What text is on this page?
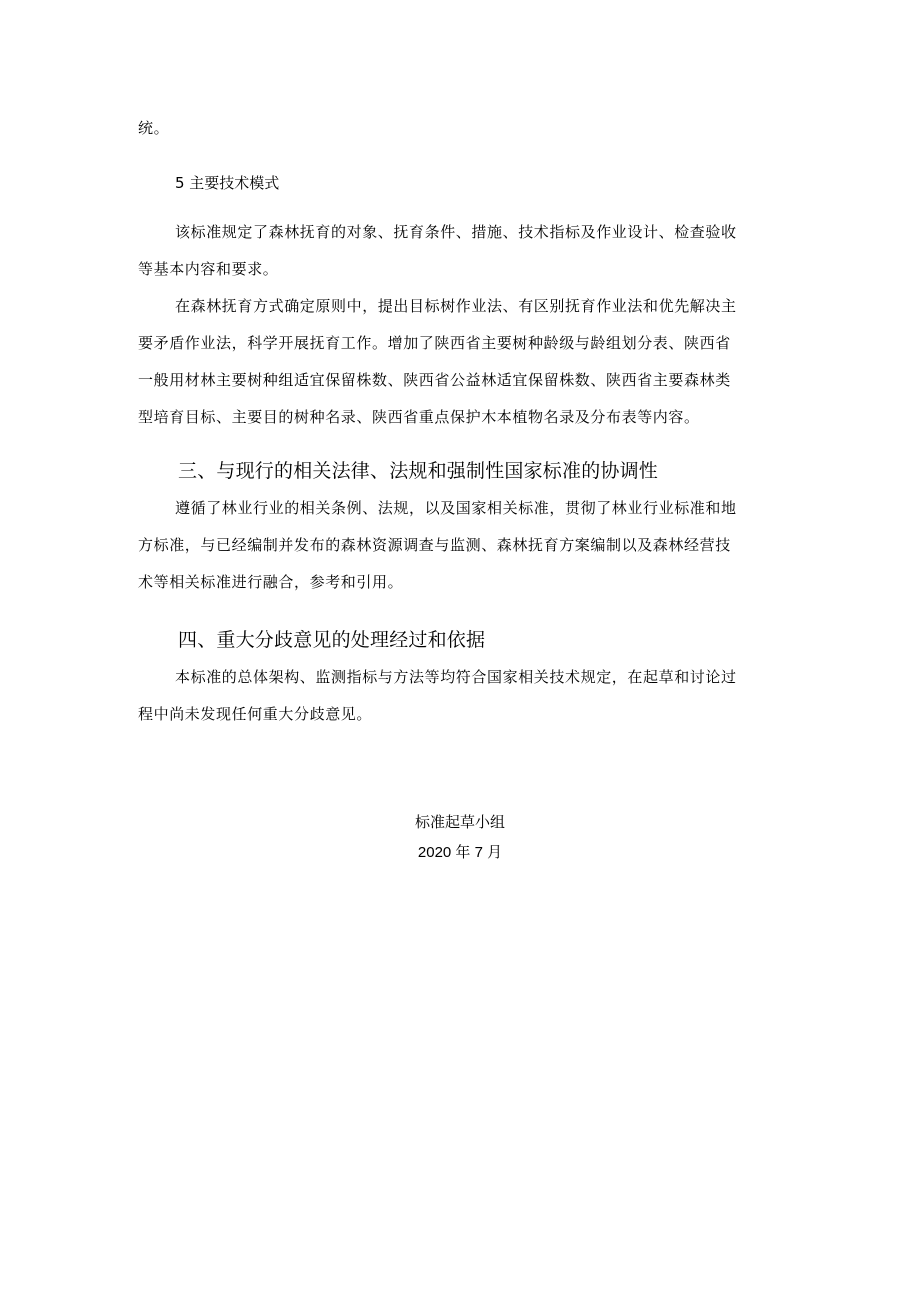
统。
5 主要技术模式
该标准规定了森林抚育的对象、抚育条件、措施、技术指标及作业设计、检查验收
等基本内容和要求。
在森林抚育方式确定原则中，提出目标树作业法、有区别抚育作业法和优先解决主
要矛盾作业法，科学开展抚育工作。增加了陕西省主要树种龄级与龄组划分表、陕西省
一般用材林主要树种组适宜保留株数、陕西省公益林适宜保留株数、陕西省主要森林类
型培育目标、主要目的树种名录、陕西省重点保护木本植物名录及分布表等内容。
三、与现行的相关法律、法规和强制性国家标准的协调性
遵循了林业行业的相关条例、法规，以及国家相关标准，贯彻了林业行业标准和地
方标准，与已经编制并发布的森林资源调查与监测、森林抚育方案编制以及森林经营技
术等相关标准进行融合，参考和引用。
四、重大分歧意见的处理经过和依据
本标准的总体架构、监测指标与方法等均符合国家相关技术规定，在起草和讨论过
程中尚未发现任何重大分歧意见。
标准起草小组
2020 年 7 月
